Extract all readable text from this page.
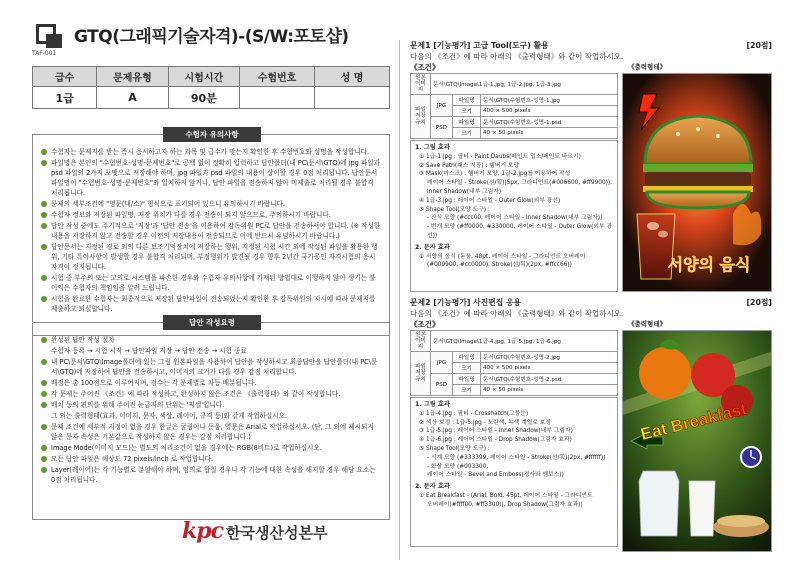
GTQ(그래픽기술자격)-(S/W:포토샵)
TAF-001
급수	문제유형	시험시간	수험번호	성 명
1급	A	90분		
수험자 유의사항
수험자는 문제지를 받는 즉시 응시하고자 하는 과목 및 급수가 맞는지 확인한 후 수험번호와 성명을 작성합니다.
파일명은 본인의 "수험번호-성명-문제번호"로 공백 없이 정확히 입력하고 답안폴더(내 PC\문서\GTQ)에 jpg 파일과 psd 파일의 2가지 포맷으로 저장해야 하며, jpg 파일과 psd 파일의 내용이 상이할 경우 0점 처리됩니다. 답안문서 파일명이 "수험번호-성명-문제번호"와 일치하지 않거나, 답안 파일을 전송하지 않아 미제출로 처리될 경우 불합격 처리됩니다.
문제의 세부조건에 "영문(대/소)" 형식으로 표기되어 있으니 유의하시기 바랍니다.
수험자 정보와 저장된 파일명, 저장 위치가 다를 경우 전송이 되지 않으므로, 주의하시기 바랍니다.
답안 작성 중에도 주기적으로 '저장'과 '답안 전송'을 이용하여 감독위원 PC로 답안을 전송하셔야 합니다. (※ 작성한 내용을 저장하지 않고 전송할 경우 이전의 저장내용이 전송되므로 이에 반드시 유념하시기 바랍니다.)
답안문서는 지정된 경로 외의 다른 보조기억장치에 저장하는 행위, 지정된 시험 시간 외에 작성된 파일을 활용한 행위, 기타 특이사항이 발생할 경우 불합격 처리되며, 부정행위가 발견될 경우 향후 2년간 국가공인 자격시험의 응시 자격이 정지됩니다.
시험 중 부주의 또는 고의로 시스템을 파손한 경우와 수험자 유의사항에 기재된 방법대로 이행하지 않아 생기는 불이익은 수험자의 책임임을 알려 드립니다.
시험을 완료한 수험자는 최종적으로 저장된 답안파일이 전송되었는지 확인한 후 감독위원의 지시에 따라 문제지를 제출하고 퇴실합니다.
답안 작성요령
완성된 답안 작성 절차
수험자 등록 → 시험 시작 → 답안파일 저장 → 답안 전송 → 시험 종료
내 PC\문서\GTQ\Image폴더에 있는 그림 원본파일을 사용하여 답안을 작성하시고 최종답안을 답안폴더(내 PC\문서\GTQ)에 저장하여 답안을 전송하시고, 이미지의 크기가 다를 경우 감점 처리합니다.
배점은 총 100점으로 이루어지며, 점수는 각 문제별로 차등 배분됩니다.
각 문제는 주어진 《조건》에 따라 작성하고, 완성하지 않은 조건은 《출력형태》와 같이 작성합니다.
배치 등의 편의를 위해 주어진 눈금자의 단위는 '픽셀'입니다.
그 외는 출력형태(효과, 이미지, 문자, 색상, 레이어, 규격 등)와 같게 작업하십시오.
문제 조건에 세부적 지정이 없을 경우 한글은 굴림이나 돋움, 영문은 Arial로 작업하십시오. (단, 그 외에 제시되지 않은 문자 속성은 기본값으로 작성하지 않은 경우는 감점 처리합니다.)
Image Mode(이미지 모드)는 별도의 처리조건이 없을 경우에는 RGB(8비트)로 작업하십시오.
모든 답안 파일은 해상도 72 pixels/inch 로 작업합니다.
Layer(레이어)는 각 기능별로 분할해야 하며, 임의로 합칠 경우나 각 기능에 대한 속성을 해지할 경우 해당 요소는 0점 처리됩니다.
kpc 한국생산성본부
문제1 [기능평가] 고급 Tool(도구) 활용	[20점]
다음의 《조건》에 따라 아래의 《출력형태》와 같이 작업하시오.
《조건》	《출력형태》
원본
이미지	문서\GTQ\Image\1급-1.jpg, 1급-2.jpg, 1급-3.jpg		
파일
저장
규칙	JPG	파일명	문서\GTQ\수험번호-성명-1.jpg
		크기	400 × 500 pixels
	PSD	파일명	문서\GTQ\수험번호-성명-1.psd
		크기	40 × 50 pixels
1. 그림 효과
① 1급-1.jpg : 필터 - Paint Daubs(페인트 덥스/페인트 바르기)
② Save Path(패스 저장) : 햄버거 모양
③ Mask(마스크) : 햄버거 모양, 1급-2.jpg를 이용하여 작성
레이어 스타일 - Stroke(선/획)(5px, 그라디언트(#006600, #ff9900)),
Inner Shadow(내부 그림자)
④ 1급-3.jpg : 레이어 스타일 - Outer Glow(외부 광선)
⑤ Shape Tool(모양 도구) :
- 잔식 모양 (#ccc00, 레이어 스타일 - Inner Shadow(내부 그림자))
- 번개 모양 (#ff0000, #330000, 레이어 스타일 - Outer Glow(외부 광선))
2. 문자 효과
① 서양의 음식 (돋움, 48pt, 레이어 스타일 - 그라디언트 오버레이
(#009900, #cc0000), Stroke(선/획)(2px, #ffcc66))	서양의 음식
문제2 [기능평가] 사진편집 응용	[20점]
다음의 《조건》에 따라 아래의 《출력형태》와 같이 작업하시오.
《조건》	《출력형태》
원본
이미지	문서\GTQ\Image\1급-4.jpg, 1급-5.jpg, 1급-6.jpg		
파일
저장
규칙	JPG	파일명	문서\GTQ\수험번호-성명-2.jpg
		크기	400 × 500 pixels
	PSD	파일명	문서\GTQ\수험번호-성명-2.psd
		크기	40 × 50 pixels
1. 그림 효과
① 1급-4.jpg : 필터 - Crosshatch(그물눈)
② 색상 보정 : 1급-5.jpg - 노란색, 녹색 계열로 보정
③ 1급-5.jpg : 레이어 스타일 - Inner Shadow(내부 그림자)
④ 1급-6.jpg : 레이어 스타일 - Drop Shadow(그림자 효과)
⑤ Shape Tool(모양 도구) :
- 시계 모양 (#333399, 레이어 스타일 - Stroke(선/획)(2px, #ffffff))
- 화살 모양 (#003300,
레이어 스타일 - Bevel and Emboss(경사와 엠보스))
2. 문자 효과
① Eat Breakfast - (Arial, Bold, 45pt, 레이어 스타일 - 그라디언트
오버레이(#ffff00, #ff3300)), Drop Shadow(그림자 효과))
Eat Breakfast
